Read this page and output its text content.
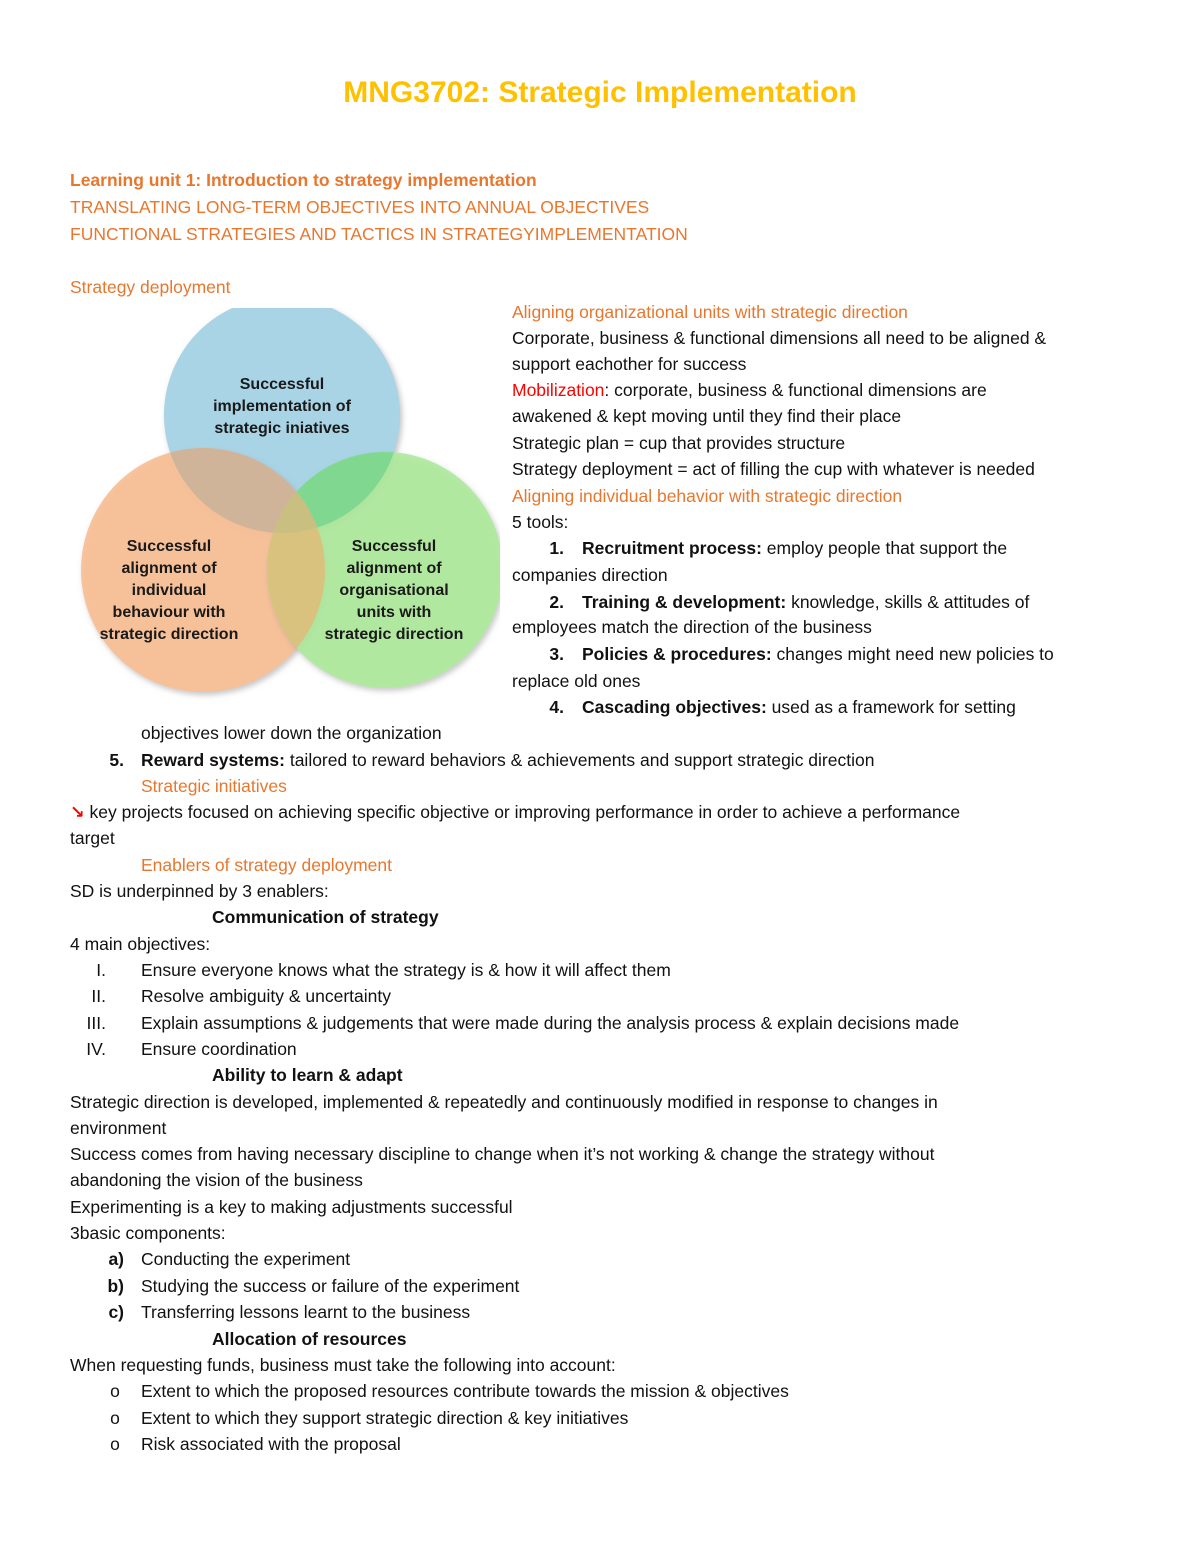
MNG3702: Strategic Implementation
Learning unit 1: Introduction to strategy implementation
TRANSLATING LONG-TERM OBJECTIVES INTO ANNUAL OBJECTIVES
FUNCTIONAL STRATEGIES AND TACTICS IN STRATEGYIMPLEMENTATION
Strategy deployment
Successful
implementation of
strategic iniatives
Successful
alignment of
individual
behaviour with
strategic direction
Successful
alignment of
organisational
units with
strategic direction
Aligning organizational units with strategic direction
Corporate, business & functional dimensions all need to be aligned &
support eachother for success
Mobilization: corporate, business & functional dimensions are
awakened & kept moving until they find their place
Strategic plan = cup that provides structure
Strategy deployment = act of filling the cup with whatever is needed
Aligning individual behavior with strategic direction
5 tools:
1. Recruitment process: employ people that support the
companies direction
2. Training & development: knowledge, skills & attitudes of
employees match the direction of the business
3. Policies & procedures: changes might need new policies to
replace old ones
4. Cascading objectives: used as a framework for setting
objectives lower down the organization
5. Reward systems: tailored to reward behaviors & achievements and support strategic direction
Strategic initiatives
↘ key projects focused on achieving specific objective or improving performance in order to achieve a performance
target
Enablers of strategy deployment
SD is underpinned by 3 enablers:
Communication of strategy
4 main objectives:
I. Ensure everyone knows what the strategy is & how it will affect them
II. Resolve ambiguity & uncertainty
III. Explain assumptions & judgements that were made during the analysis process & explain decisions made
IV. Ensure coordination
Ability to learn & adapt
Strategic direction is developed, implemented & repeatedly and continuously modified in response to changes in
environment
Success comes from having necessary discipline to change when it’s not working & change the strategy without
abandoning the vision of the business
Experimenting is a key to making adjustments successful
3basic components:
a) Conducting the experiment
b) Studying the success or failure of the experiment
c) Transferring lessons learnt to the business
Allocation of resources
When requesting funds, business must take the following into account:
o Extent to which the proposed resources contribute towards the mission & objectives
o Extent to which they support strategic direction & key initiatives
o Risk associated with the proposal
